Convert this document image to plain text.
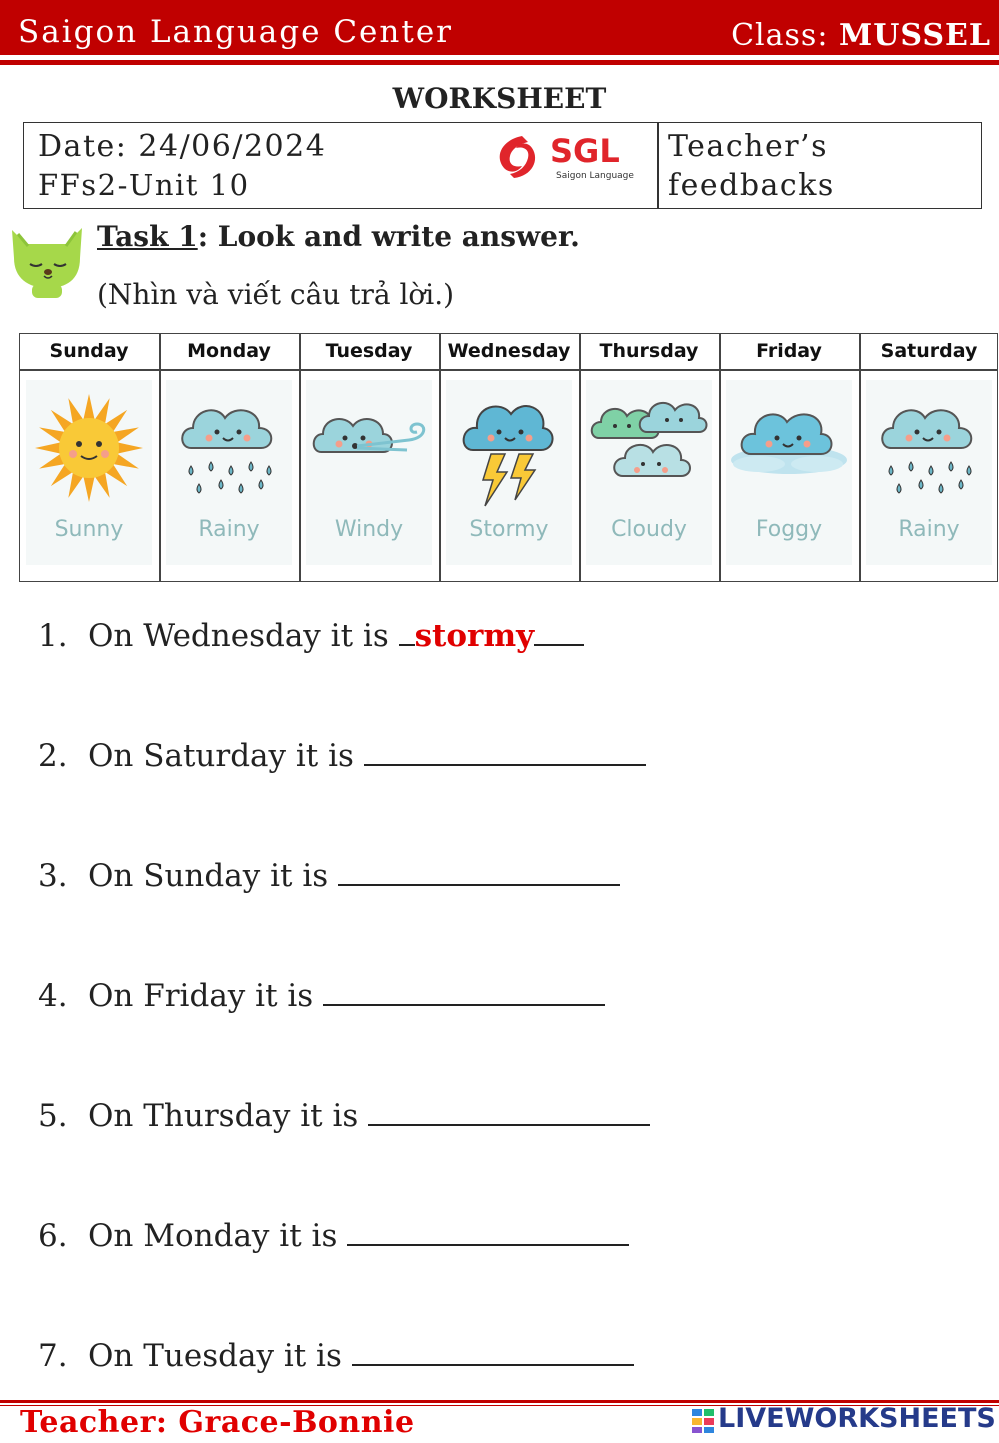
Saigon Language Center	Class: MUSSEL
WORKSHEET
Date: 24/06/2024
FFs2-Unit 10
SGL
Saigon Language
Teacher’s
feedbacks
Task 1: Look and write answer.
(Nhìn và viết câu trả lời.)
Sunday
Sunny
Monday
Rainy
Tuesday
Windy
Wednesday
Stormy
Thursday
Cloudy
Friday
Foggy
Saturday
Rainy
1. On Wednesday it is stormy
2. On Saturday it is
3. On Sunday it is
4. On Friday it is
5. On Thursday it is
6. On Monday it is
7. On Tuesday it is
Teacher: Grace-Bonnie	LIVEWORKSHEETS
